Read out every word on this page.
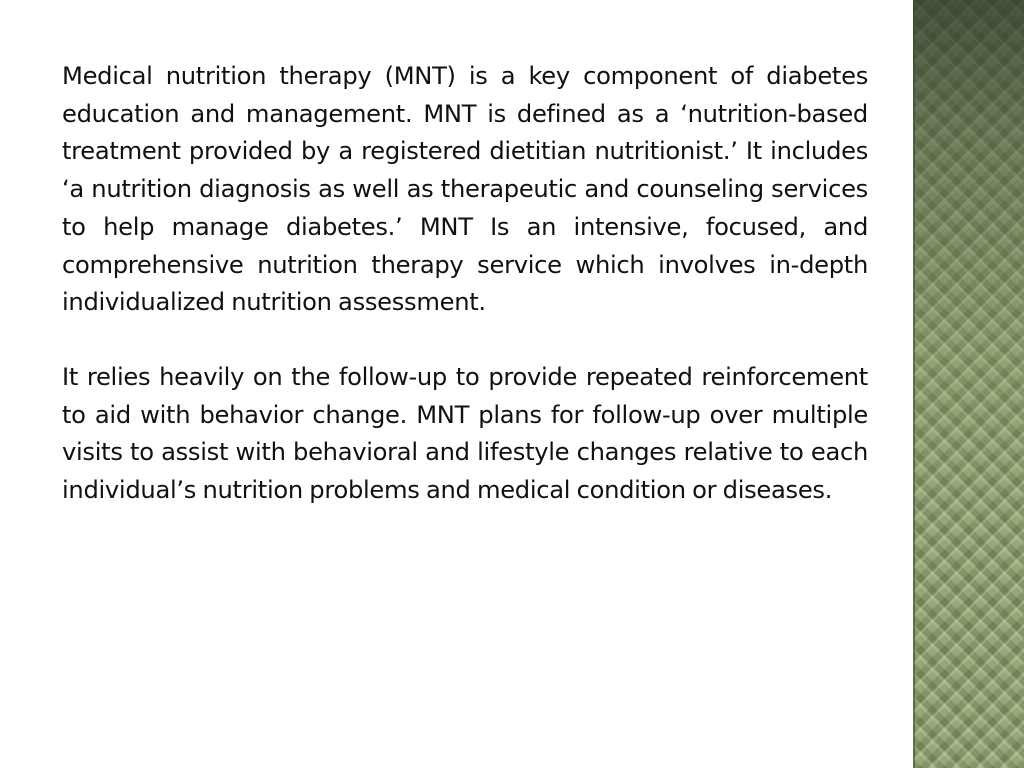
Medical nutrition therapy (MNT) is a key component of diabetes education and management. MNT is defined as a ‘nutrition-based treatment provided by a registered dietitian nutritionist.’ It includes ‘a nutrition diagnosis as well as therapeutic and counseling services to help manage diabetes.’ MNT Is an intensive, focused, and comprehensive nutrition therapy service which involves in-depth individualized nutrition assessment.

It relies heavily on the follow-up to provide repeated reinforcement to aid with behavior change. MNT plans for follow-up over multiple visits to assist with behavioral and lifestyle changes relative to each individual’s nutrition problems and medical condition or diseases.
